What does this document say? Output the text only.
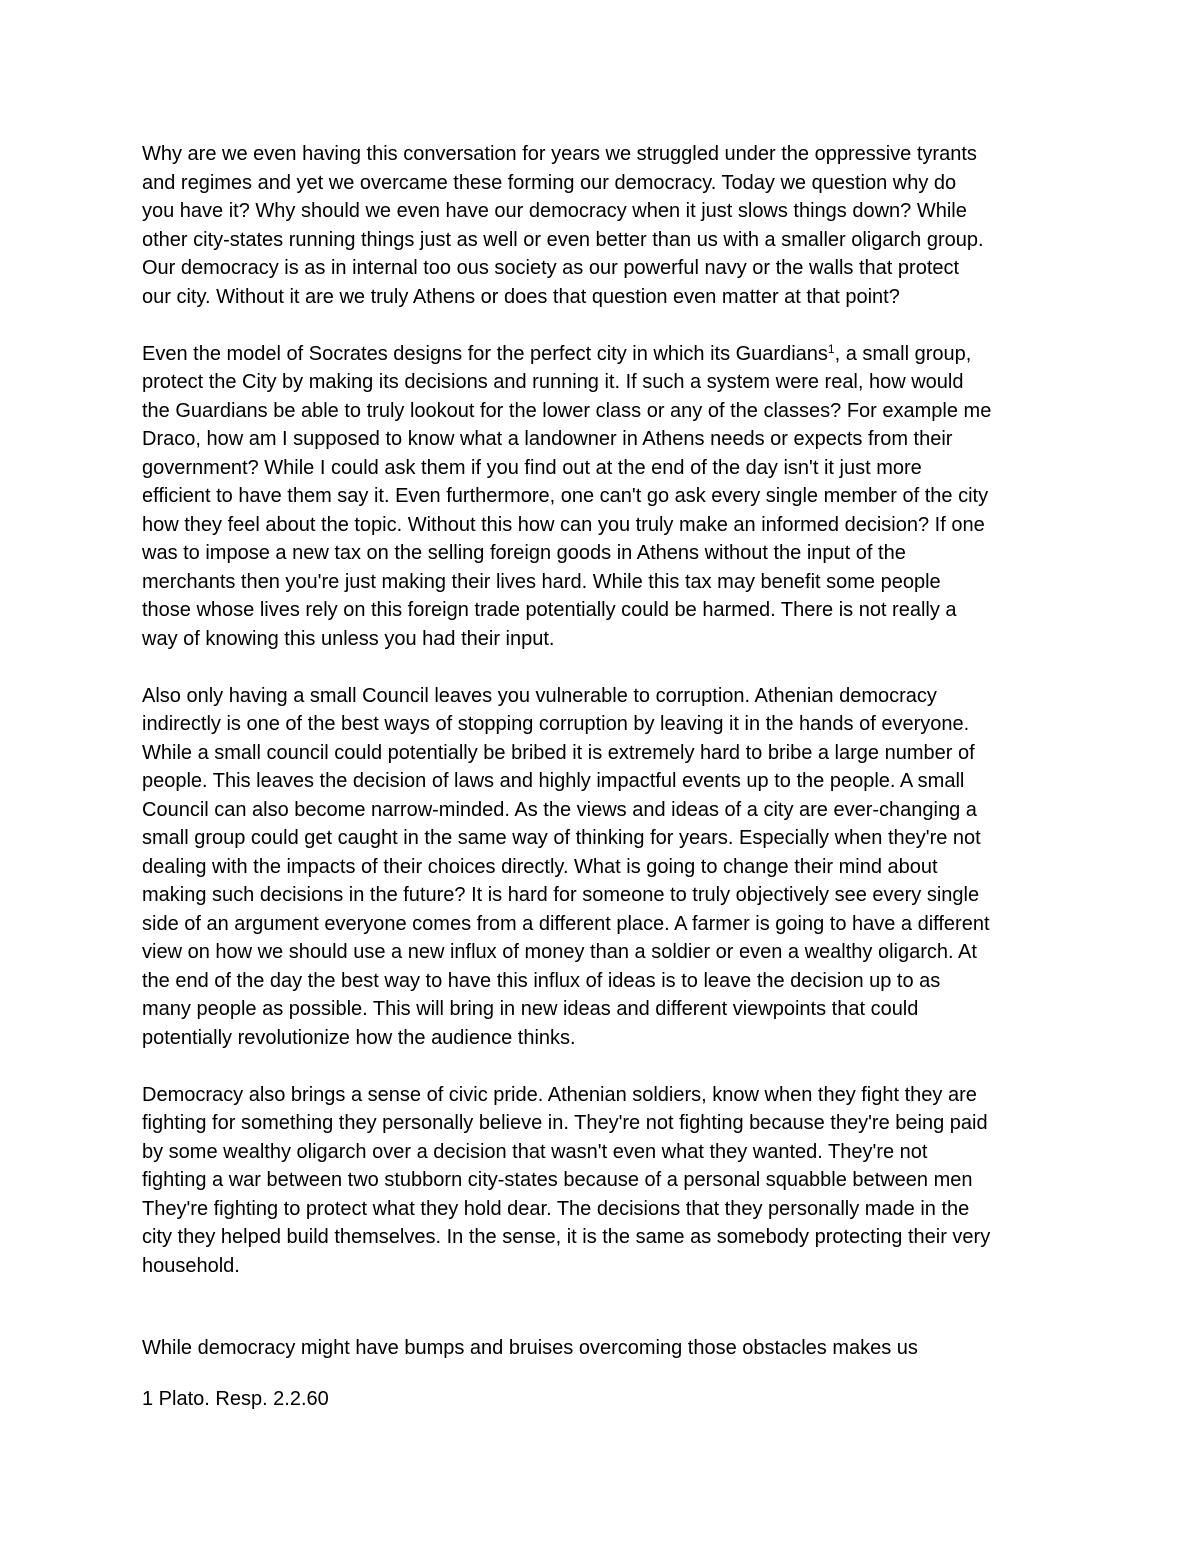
Why are we even having this conversation for years we struggled under the oppressive tyrants
and regimes and yet we overcame these forming our democracy. Today we question why do
you have it? Why should we even have our democracy when it just slows things down? While
other city-states running things just as well or even better than us with a smaller oligarch group.
Our democracy is as in internal too ous society as our powerful navy or the walls that protect
our city. Without it are we truly Athens or does that question even matter at that point?
Even the model of Socrates designs for the perfect city in which its Guardians$^1$, a small group,
protect the City by making its decisions and running it. If such a system were real, how would
the Guardians be able to truly lookout for the lower class or any of the classes? For example me
Draco, how am I supposed to know what a landowner in Athens needs or expects from their
government? While I could ask them if you find out at the end of the day isn't it just more
efficient to have them say it. Even furthermore, one can't go ask every single member of the city
how they feel about the topic. Without this how can you truly make an informed decision? If one
was to impose a new tax on the selling foreign goods in Athens without the input of the
merchants then you're just making their lives hard. While this tax may benefit some people
those whose lives rely on this foreign trade potentially could be harmed. There is not really a
way of knowing this unless you had their input.
Also only having a small Council leaves you vulnerable to corruption. Athenian democracy
indirectly is one of the best ways of stopping corruption by leaving it in the hands of everyone.
While a small council could potentially be bribed it is extremely hard to bribe a large number of
people. This leaves the decision of laws and highly impactful events up to the people. A small
Council can also become narrow-minded. As the views and ideas of a city are ever-changing a
small group could get caught in the same way of thinking for years. Especially when they're not
dealing with the impacts of their choices directly. What is going to change their mind about
making such decisions in the future? It is hard for someone to truly objectively see every single
side of an argument everyone comes from a different place. A farmer is going to have a different
view on how we should use a new influx of money than a soldier or even a wealthy oligarch. At
the end of the day the best way to have this influx of ideas is to leave the decision up to as
many people as possible. This will bring in new ideas and different viewpoints that could
potentially revolutionize how the audience thinks.
Democracy also brings a sense of civic pride. Athenian soldiers, know when they fight they are
fighting for something they personally believe in. They're not fighting because they're being paid
by some wealthy oligarch over a decision that wasn't even what they wanted. They're not
fighting a war between two stubborn city-states because of a personal squabble between men
They're fighting to protect what they hold dear. The decisions that they personally made in the
city they helped build themselves. In the sense, it is the same as somebody protecting their very
household.
While democracy might have bumps and bruises overcoming those obstacles makes us
1 Plato. Resp. 2.2.60
